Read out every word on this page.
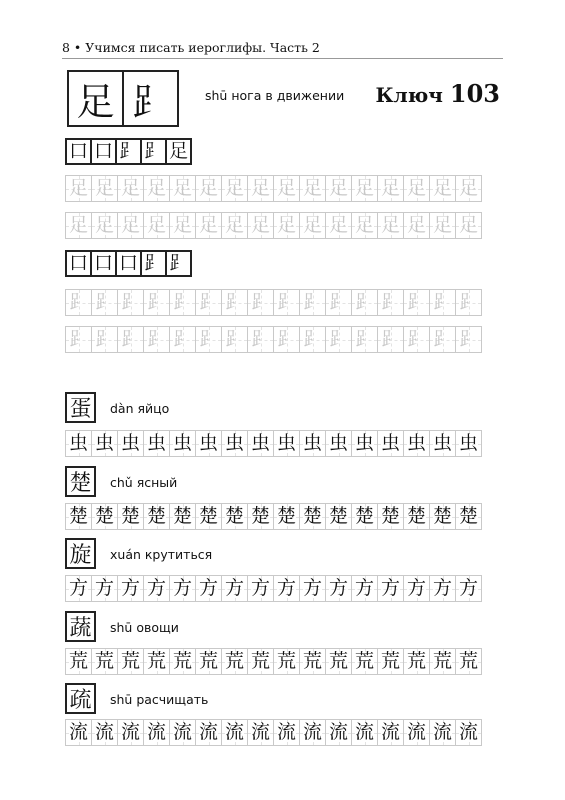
8 • Учимся писать иероглифы. Часть 2
足 ⻊	shū нога в движении Ключ 103
口 ⼝ ⻊ ⻊ 足
足 足 足 足 足 足 足 足 足 足 足 足 足 足 足 足
足 足 足 足 足 足 足 足 足 足 足 足 足 足 足 足
口 ⼝ ⼝ ⻊ ⻊
⻊ ⻊ ⻊ ⻊ ⻊ ⻊ ⻊ ⻊ ⻊ ⻊ ⻊ ⻊ ⻊ ⻊ ⻊ ⻊
⻊ ⻊ ⻊ ⻊ ⻊ ⻊ ⻊ ⻊ ⻊ ⻊ ⻊ ⻊ ⻊ ⻊ ⻊ ⻊
蛋	dàn яйцо
虫 虫 虫 虫 虫 虫 虫 虫 虫 虫 虫 虫 虫 虫 虫 虫
楚	chǔ ясный
楚 楚 楚 楚 楚 楚 楚 楚 楚 楚 楚 楚 楚 楚 楚 楚
旋	xuán крутиться
方 方 方 方 方 方 方 方 方 方 方 方 方 方 方 方
蔬	shū овощи
荒 荒 荒 荒 荒 荒 荒 荒 荒 荒 荒 荒 荒 荒 荒 荒
疏	shū расчищать
流 流 流 流 流 流 流 流 流 流 流 流 流 流 流 流
